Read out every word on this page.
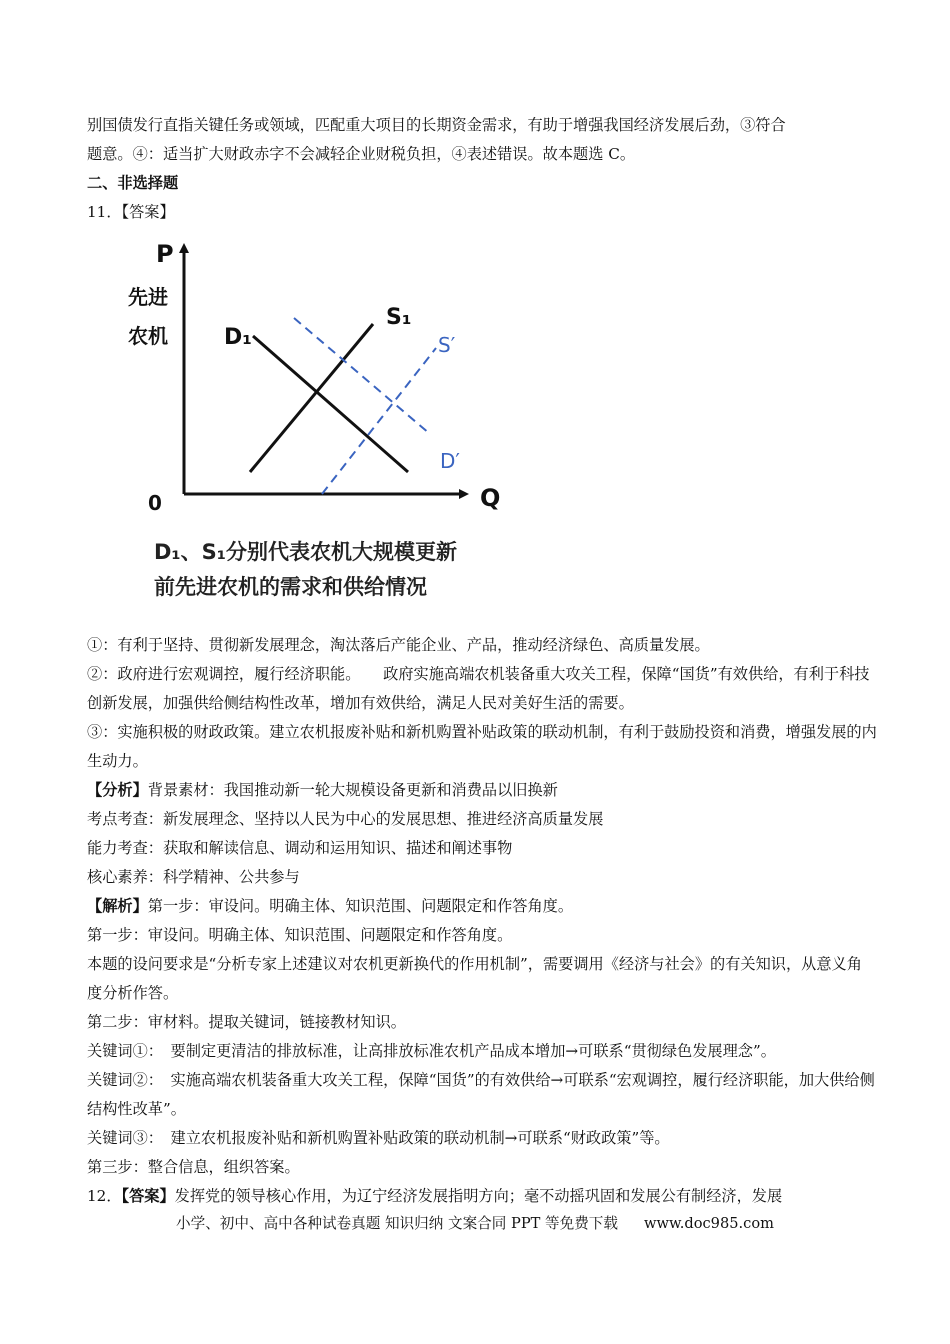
别国债发行直指关键任务或领域，匹配重大项目的长期资金需求，有助于增强我国经济发展后劲，③符合

题意。④：适当扩大财政赤字不会减轻企业财税负担，④表述错误。故本题选 C。

二、非选择题

11．【答案】

P
Q
0
先进
农机	D₁
S₁
S′
D′
D₁、S₁分别代表农机大规模更新
前先进农机的需求和供给情况

①：有利于坚持、贯彻新发展理念，淘汰落后产能企业、产品，推动经济绿色、高质量发展。

②：政府进行宏观调控，履行经济职能。　　政府实施高端农机装备重大攻关工程，保障“国货”有效供给，有利于科技创新发展，加强供给侧结构性改革，增加有效供给，满足人民对美好生活的需要。

③：实施积极的财政政策。建立农机报废补贴和新机购置补贴政策的联动机制，有利于鼓励投资和消费，增强发展的内生动力。

【分析】背景素材：我国推动新一轮大规模设备更新和消费品以旧换新

考点考查：新发展理念、坚持以人民为中心的发展思想、推进经济高质量发展

能力考查：获取和解读信息、调动和运用知识、描述和阐述事物

核心素养：科学精神、公共参与

【解析】第一步：审设问。明确主体、知识范围、问题限定和作答角度。

第一步：审设问。明确主体、知识范围、问题限定和作答角度。

本题的设问要求是“分析专家上述建议对农机更新换代的作用机制”，需要调用《经济与社会》的有关知识，从意义角度分析作答。

第二步：审材料。提取关键词，链接教材知识。

关键词①：　要制定更清洁的排放标准，让高排放标准农机产品成本增加→可联系“贯彻绿色发展理念”。

关键词②：　实施高端农机装备重大攻关工程，保障“国货”的有效供给→可联系“宏观调控，履行经济职能，加大供给侧结构性改革”。

关键词③：　建立农机报废补贴和新机购置补贴政策的联动机制→可联系“财政政策”等。

第三步：整合信息，组织答案。

12．【答案】发挥党的领导核心作用，为辽宁经济发展指明方向；毫不动摇巩固和发展公有制经济，发展

小学、初中、高中各种试卷真题 知识归纳 文案合同 PPT 等免费下载 www.doc985.com
